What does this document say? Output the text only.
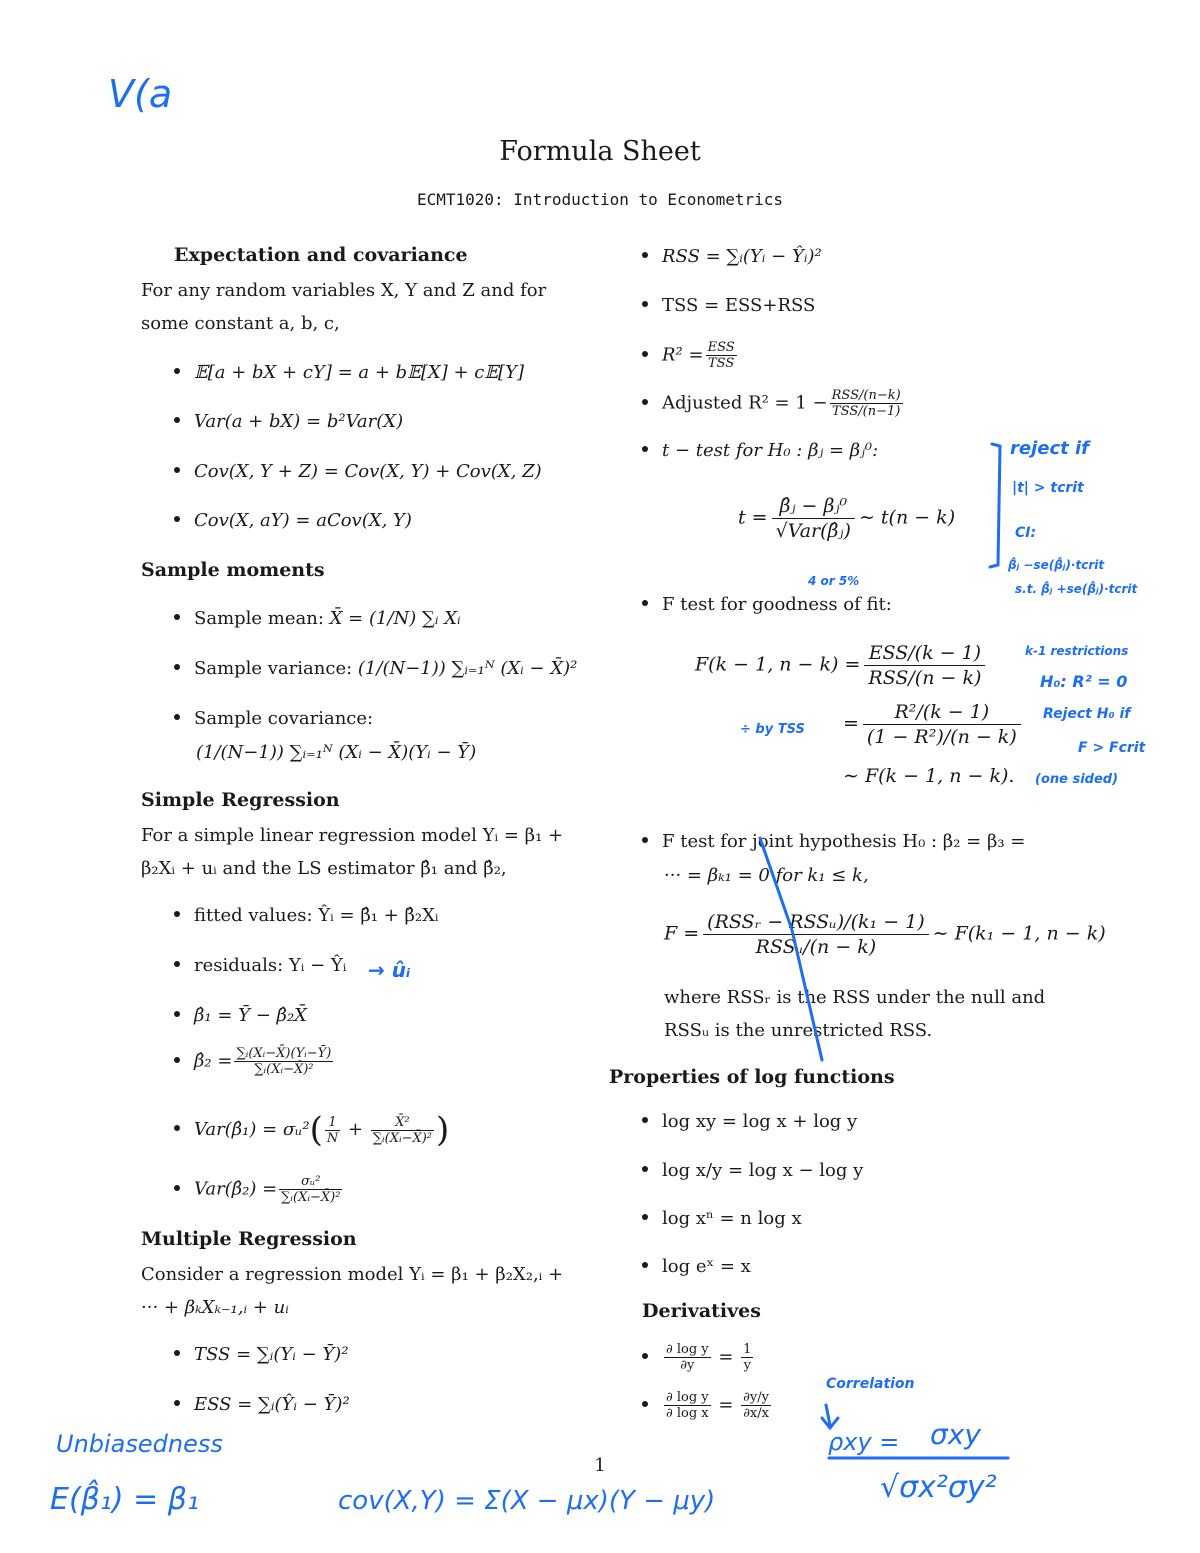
Formula Sheet
ECMT1020: Introduction to Econometrics
Expectation and covariance
For any random variables X, Y and Z and for
some constant a, b, c,
𝔼[a + bX + cY] = a + b𝔼[X] + c𝔼[Y]
Var(a + bX) = b²Var(X)
Cov(X, Y + Z) = Cov(X, Y) + Cov(X, Z)
Cov(X, aY) = aCov(X, Y)
Sample moments
Sample mean: X̄ = (1/N) ∑ᵢ Xᵢ
Sample variance: (1/(N−1)) ∑ᵢ₌₁ᴺ (Xᵢ − X̄)²
Sample covariance:
(1/(N−1)) ∑ᵢ₌₁ᴺ (Xᵢ − X̄)(Yᵢ − Ȳ)
Simple Regression
For a simple linear regression model Yᵢ = β₁ +
β₂Xᵢ + uᵢ and the LS estimator β̂₁ and β̂₂,
fitted values: Ŷᵢ = β̂₁ + β̂₂Xᵢ
residuals: Yᵢ − Ŷᵢ
β̂₁ = Ȳ − β̂₂X̄
β̂₂ = $\frac{\text{∑ᵢ(Xᵢ−X̄)(Yᵢ−Ȳ)}}{\text{∑ᵢ(Xᵢ−X̄)²}}$
Var(β̂₁) = σᵤ²( $\frac{1}{N} + \frac{\text{X̄²}}{\text{∑ᵢ(Xᵢ−X̄)²}}$ )
Var(β̂₂) = $\frac{\text{σᵤ²}}{\text{∑ᵢ(Xᵢ−X̄)²}}$
Multiple Regression
Consider a regression model Yᵢ = β₁ + β₂X₂,ᵢ +
··· + βₖXₖ₋₁,ᵢ + uᵢ
TSS = ∑ᵢ(Yᵢ − Ȳ)²
ESS = ∑ᵢ(Ŷᵢ − Ȳ)²
RSS = ∑ᵢ(Yᵢ − Ŷᵢ)²
TSS = ESS+RSS
$R^2 = \frac{\text{ESS}}{\text{TSS}}$
Adjusted $R^2 = 1 - \frac{\text{RSS/(n−k)}}{\text{TSS/(n−1)}}$
t − test for H₀ : βⱼ = βⱼ⁰:
t =
β̂ⱼ − βⱼ⁰
√Var(β̂ⱼ)
∼ t(n − k)
F test for goodness of fit:
F(k − 1, n − k) =
ESS/(k − 1)
RSS/(n − k)
= $\frac{\text{R²/(k − 1)}}{\text{(1 − R²)/(n − k)}}$
∼ F(k − 1, n − k).
F test for joint hypothesis H₀ : β₂ = β₃ =
··· = βₖ₁ = 0 for k₁ ≤ k,
F =
(RSSᵣ − RSSᵤ)/(k₁ − 1)
RSSᵤ/(n − k)
∼ F(k₁ − 1, n − k)
where RSSᵣ is the RSS under the null and
RSSᵤ is the unrestricted RSS.
Properties of log functions
log xy = log x + log y
log x/y = log x − log y
log xⁿ = n log x
log eˣ = x
Derivatives
$\frac{\text{∂ log y}}{\partial y} = \frac{1}{y}$
$\frac{\text{∂ log y}}{\text{∂ log x}} = \frac{\partial y/y}{\partial x/x}$
1
V(a
reject if
|t| > tcrit
CI:
β̂ⱼ −se(β̂ⱼ)·tcrit
s.t. β̂ⱼ +se(β̂ⱼ)·tcrit
4 or 5%
k-1 restrictions
H₀: R² = 0
Reject H₀ if
F > Fcrit
(one sided)
÷ by TSS
→ ûᵢ
Unbiasedness
E(β̂₁) = β₁	cov(X,Y) = Σ(X − μx)(Y − μy)
Correlation
ρxy = σxy
√σx²σy²
